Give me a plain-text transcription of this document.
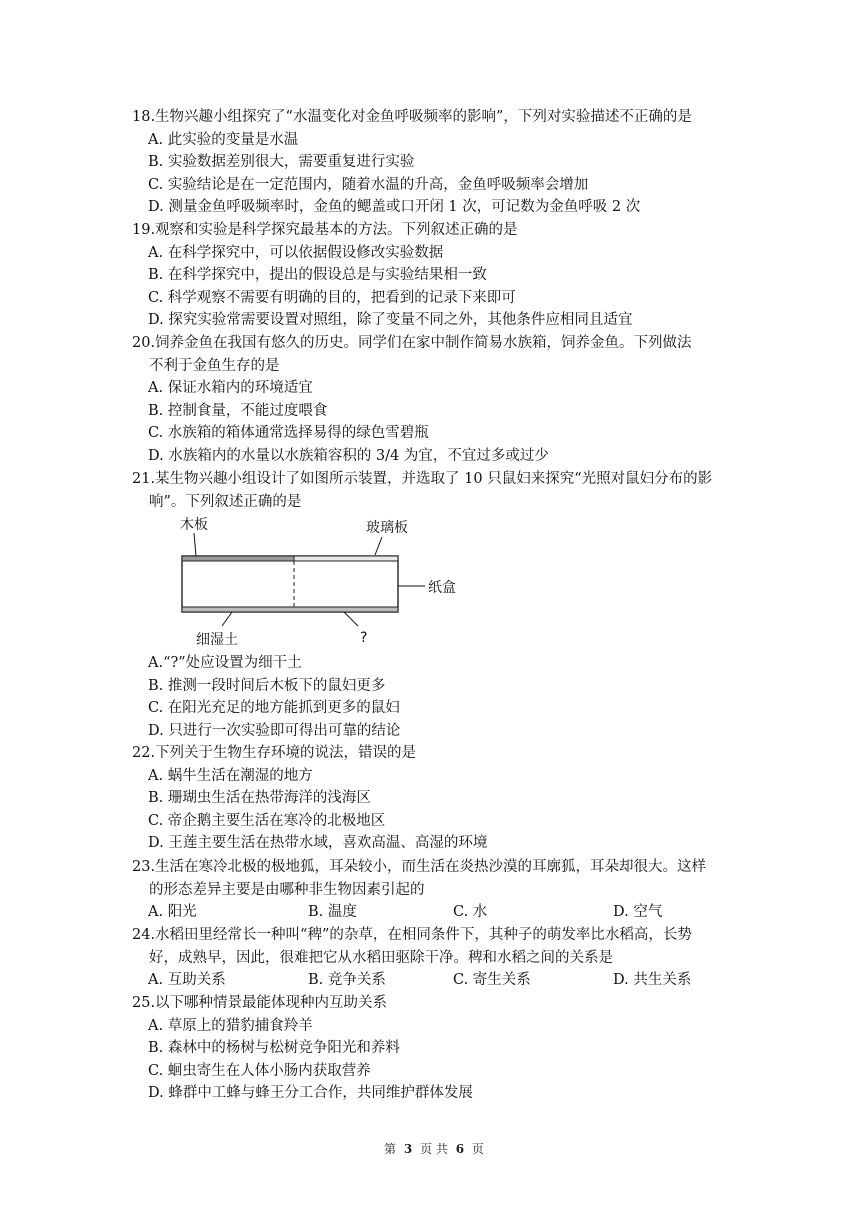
18.生物兴趣小组探究了“水温变化对金鱼呼吸频率的影响”，下列对实验描述不正确的是
A. 此实验的变量是水温
B. 实验数据差别很大，需要重复进行实验
C. 实验结论是在一定范围内，随着水温的升高，金鱼呼吸频率会增加
D. 测量金鱼呼吸频率时，金鱼的鳃盖或口开闭 1 次，可记数为金鱼呼吸 2 次
19.观察和实验是科学探究最基本的方法。下列叙述正确的是
A. 在科学探究中，可以依据假设修改实验数据
B. 在科学探究中，提出的假设总是与实验结果相一致
C. 科学观察不需要有明确的目的，把看到的记录下来即可
D. 探究实验常需要设置对照组，除了变量不同之外，其他条件应相同且适宜
20.饲养金鱼在我国有悠久的历史。同学们在家中制作简易水族箱，饲养金鱼。下列做法
不利于金鱼生存的是
A. 保证水箱内的环境适宜
B. 控制食量，不能过度喂食
C. 水族箱的箱体通常选择易得的绿色雪碧瓶
D. 水族箱内的水量以水族箱容积的 3/4 为宜，不宜过多或过少
21.某生物兴趣小组设计了如图所示装置，并选取了 10 只鼠妇来探究“光照对鼠妇分布的影
响”。下列叙述正确的是
木板	玻璃板
纸盒
细湿土	?
A.“?”处应设置为细干土
B. 推测一段时间后木板下的鼠妇更多
C. 在阳光充足的地方能抓到更多的鼠妇
D. 只进行一次实验即可得出可靠的结论
22.下列关于生物生存环境的说法，错误的是
A. 蜗牛生活在潮湿的地方
B. 珊瑚虫生活在热带海洋的浅海区
C. 帝企鹅主要生活在寒冷的北极地区
D. 王莲主要生活在热带水域，喜欢高温、高湿的环境
23.生活在寒冷北极的极地狐，耳朵较小，而生活在炎热沙漠的耳廓狐，耳朵却很大。这样
的形态差异主要是由哪种非生物因素引起的
A. 阳光	B. 温度	C. 水	D. 空气
24.水稻田里经常长一种叫“稗”的杂草，在相同条件下，其种子的萌发率比水稻高，长势
好，成熟早，因此，很难把它从水稻田驱除干净。稗和水稻之间的关系是
A. 互助关系	B. 竞争关系	C. 寄生关系	D. 共生关系
25.以下哪种情景最能体现种内互助关系
A. 草原上的猎豹捕食羚羊
B. 森林中的杨树与松树竞争阳光和养料
C. 蛔虫寄生在人体小肠内获取营养
D. 蜂群中工蜂与蜂王分工合作，共同维护群体发展
第 3 页 共 6 页
